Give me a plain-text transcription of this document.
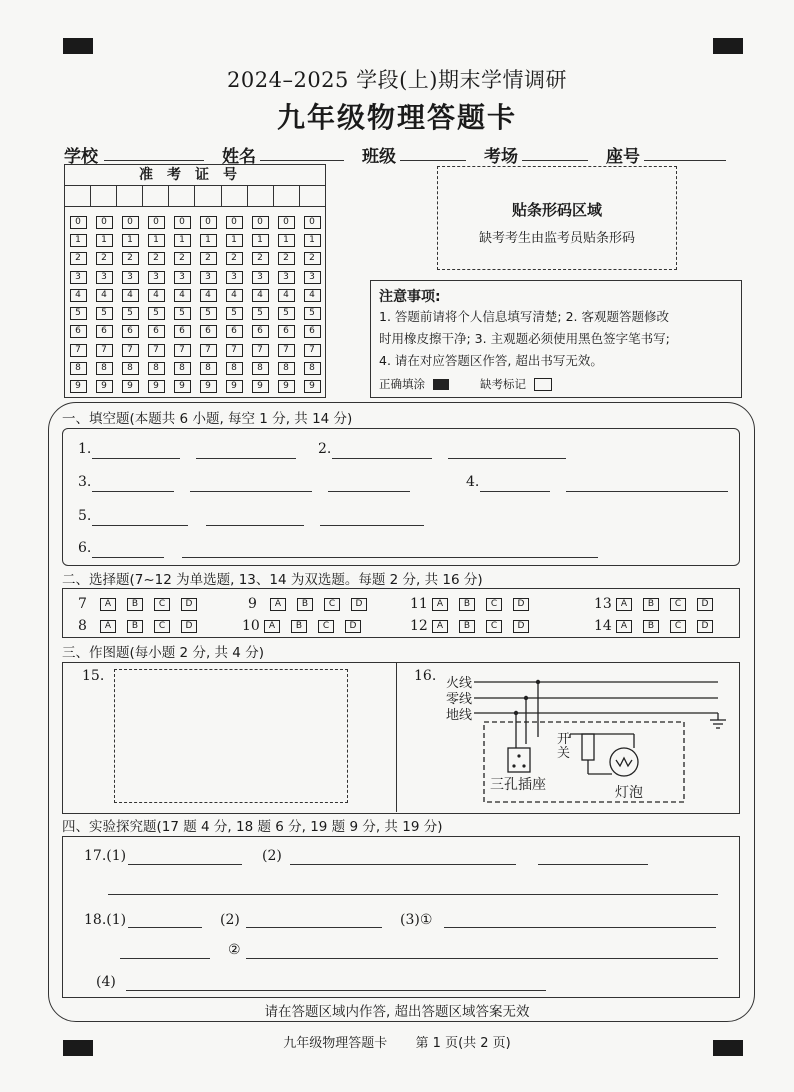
2024–2025 学段(上)期末学情调研
九年级物理答题卡
学校	姓名	班级	考场	座号
准考证号
0	0	0	0	0	0	0	0	0	0
1	1	1	1	1	1	1	1	1	1
2	2	2	2	2	2	2	2	2	2
3	3	3	3	3	3	3	3	3	3
4	4	4	4	4	4	4	4	4	4
5	5	5	5	5	5	5	5	5	5
6	6	6	6	6	6	6	6	6	6
7	7	7	7	7	7	7	7	7	7
8	8	8	8	8	8	8	8	8	8
9	9	9	9	9	9	9	9	9	9
贴条形码区域
缺考考生由监考员贴条形码
注意事项:
1. 答题前请将个人信息填写清楚; 2. 客观题答题修改
时用橡皮擦干净; 3. 主观题必须使用黑色签字笔书写;
4. 请在对应答题区作答, 超出书写无效。
正确填涂	缺考标记
一、填空题(本题共 6 小题, 每空 1 分, 共 14 分)
1.	2.
3.	4.
5.
6.
二、选择题(7~12 为单选题, 13、14 为双选题。每题 2 分, 共 16 分)
7 A B C D
8 A B C D
9 A B C D
10 A B C D
11 A B C D
12 A B C D
13 A B C D
14 A B C D
三、作图题(每小题 2 分, 共 4 分)
15.	16. 火线
零线
地线
开关
三孔插座	灯泡
四、实验探究题(17 题 4 分, 18 题 6 分, 19 题 9 分, 共 19 分)
17.(1)	(2)
18.(1)	(2)	(3)①
②
(4)
请在答题区域内作答, 超出答题区域答案无效
九年级物理答题卡 第 1 页(共 2 页)
